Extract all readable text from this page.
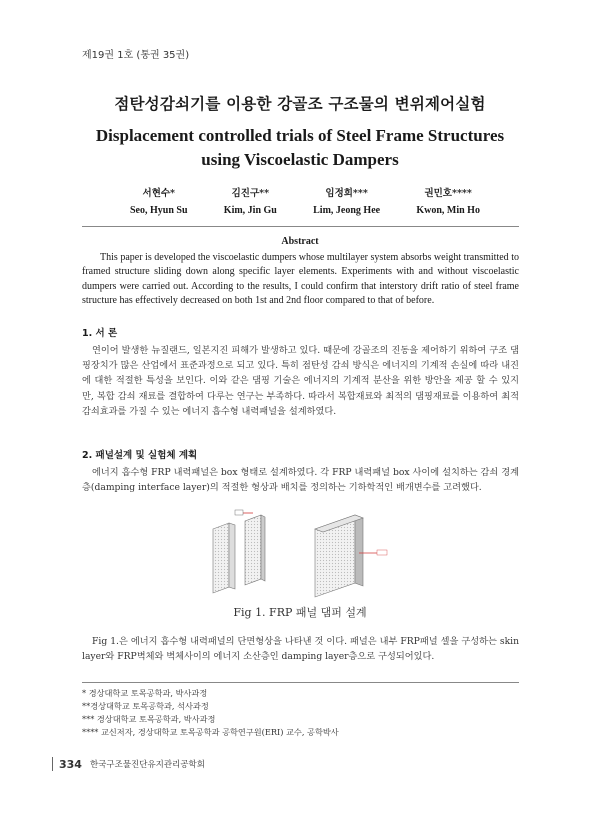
제19권 1호 (통권 35권)
점탄성감쇠기를 이용한 강골조 구조물의 변위제어실험
Displacement controlled trials of Steel Frame Structures
using Viscoelastic Dampers
서현수*
Seo, Hyun Su
김진구**
Kim, Jin Gu
임정희***
Lim, Jeong Hee
권민호****
Kwon, Min Ho
Abstract
This paper is developed the viscoelastic dumpers whose multilayer system absorbs weight transmitted to framed structure sliding down along specific layer elements. Experiments with and without viscoelastic dumpers were carried out. According to the results, I could confirm that interstory drift ratio of steel frame structure has effectively decreased on both 1st and 2nd floor compared to that of before.
1. 서 론
연이어 발생한 뉴질랜드, 일본지진 피해가 발생하고 있다. 때문에 강골조의 진동을 제어하기 위하여 구조 댐핑장치가 많은 산업에서 표준과정으로 되고 있다. 특히 점탄성 감쇠 방식은 에너지의 기계적 손실에 따라 내진에 대한 적절한 특성을 보인다. 이와 같은 댐핑 기술은 에너지의 기계적 분산을 위한 방안을 제공 할 수 있지만, 복합 감쇠 재료를 결합하여 다루는 연구는 부족하다. 따라서 복합재료와 최적의 댐핑재료를 이용하여 최적 감쇠효과를 가질 수 있는 에너지 흡수형 내력패널을 설계하였다.
2. 패널설계 및 실험체 계획
에너지 흡수형 FRP 내력패널은 box 형태로 설계하였다. 각 FRP 내력패널 box 사이에 설치하는 감쇠 경계층(damping interface layer)의 적절한 형상과 배치를 정의하는 기하학적인 배개변수를 고려했다.
Fig 1. FRP 패널 댐퍼 설계
Fig 1.은 에너지 흡수형 내력패널의 단면형상을 나타낸 것 이다. 패널은 내부 FRP패널 셀을 구성하는 skin layer와 FRP벽체와 벽체사이의 에너지 소산층인 damping layer층으로 구성되어있다.
* 경상대학교 토목공학과, 박사과정
**경상대학교 토목공학과, 석사과정
*** 경상대학교 토목공학과, 박사과정
**** 교신저자, 경상대학교 토목공학과 공학연구원(ERI) 교수, 공학박사
334 한국구조물진단유지관리공학회
